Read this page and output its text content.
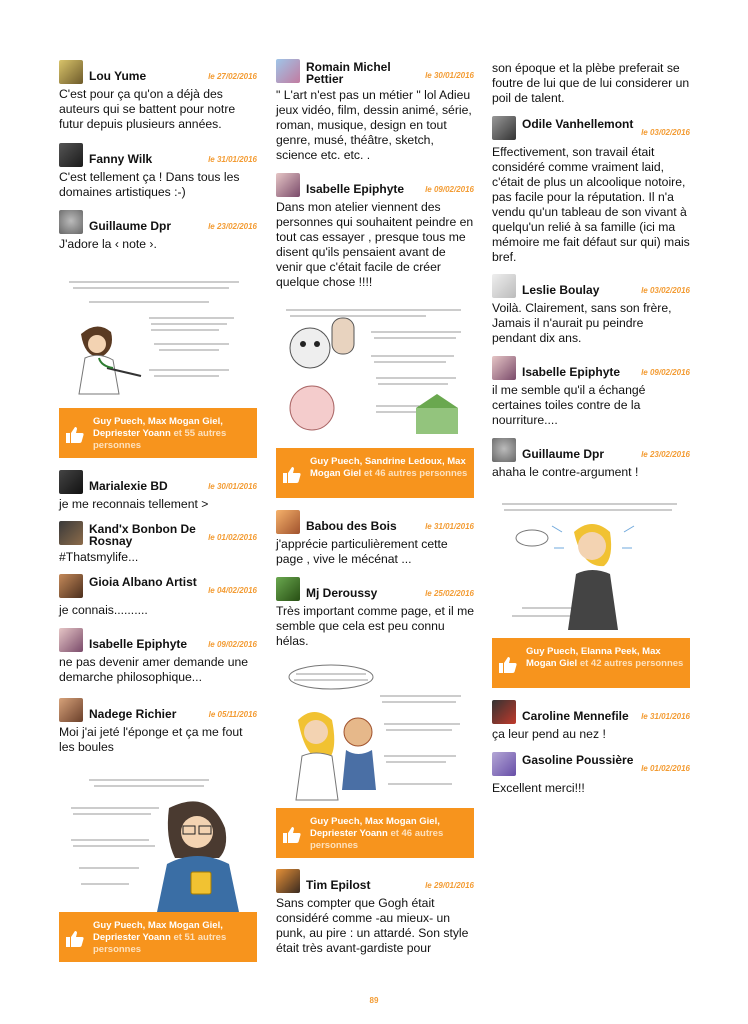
Lou Yume	le 27/02/2016
C'est pour ça qu'on a déjà des auteurs qui se battent pour notre futur depuis plusieurs années.
Fanny Wilk	le 31/01/2016
C'est tellement ça ! Dans tous les domaines artistiques :-)
Guillaume Dpr	le 23/02/2016
J'adore la ‹ note ›.
Guy Puech, Max Mogan Giel, Depriester Yoann et 55 autres personnes
Marialexie BD	le 30/01/2016
je me reconnais tellement >
Kand'x Bonbon De Rosnay	le 01/02/2016
#Thatsmylife...
Gioia Albano Artist
le 04/02/2016
je connais..........
Isabelle Epiphyte	le 09/02/2016
ne pas devenir amer demande une demarche philosophique...
Nadege Richier	le 05/11/2016
Moi j'ai jeté l'éponge et ça me fout les boules
Guy Puech, Max Mogan Giel, Depriester Yoann et 51 autres personnes
Romain Michel Pettier	le 30/01/2016
" L'art n'est pas un métier " lol Adieu jeux vidéo, film, dessin animé, série, roman, musique, design en tout genre, musé, théâtre, sketch, science etc. etc. .
Isabelle Epiphyte	le 09/02/2016
Dans mon atelier viennent des personnes qui souhaitent peindre en tout cas essayer , presque tous me disent qu'ils pensaient avant de venir que c'était facile de créer quelque chose !!!!
Guy Puech, Sandrine Ledoux, Max Mogan Giel et 46 autres personnes
Babou des Bois	le 31/01/2016
j'apprécie particulièrement cette page , vive le mécénat ...
Mj Deroussy	le 25/02/2016
Très important comme page, et il me semble que cela est peu connu hélas.
Guy Puech, Max Mogan Giel, Depriester Yoann et 46 autres personnes
Tim Epilost	le 29/01/2016
Sans compter que Gogh était considéré comme -au mieux- un punk, au pire : un attardé. Son style était très avant-gardiste pour
son époque et la plèbe preferait se foutre de lui que de lui considerer un poil de talent.
Odile Vanhellemont
le 03/02/2016
Effectivement, son travail était considéré comme vraiment laid, c'était de plus un alcoolique notoire, pas facile pour la réputation. Il n'a vendu qu'un tableau de son vivant à quelqu'un relié à sa famille (ici ma mémoire me fait défaut sur qui) mais bref.
Leslie Boulay	le 03/02/2016
Voilà. Clairement, sans son frère, Jamais il n'aurait pu peindre pendant dix ans.
Isabelle Epiphyte	le 09/02/2016
il me semble qu'il a échangé certaines toiles contre de la nourriture....
Guillaume Dpr	le 23/02/2016
ahaha le contre-argument !
Guy Puech, Elanna Peek, Max Mogan Giel et 42 autres personnes
Caroline Mennefile	le 31/01/2016
ça leur pend au nez !
Gasoline Poussière
le 01/02/2016
Excellent merci!!!
89
